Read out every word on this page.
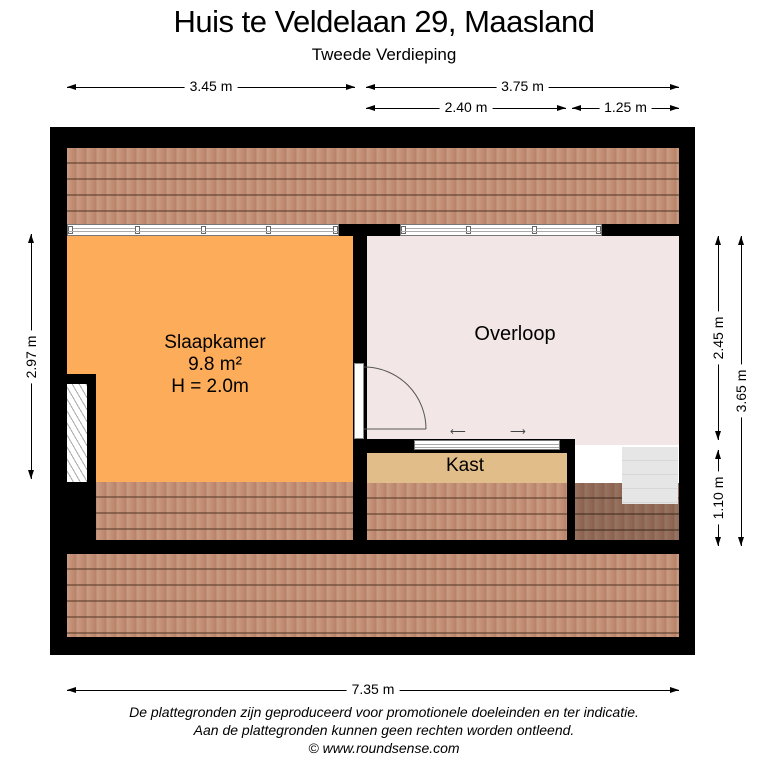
Huis te Veldelaan 29, Maasland
Tweede Verdieping
3.45 m	3.75 m
2.40 m	1.25 m
2.97 m	2.45 m
1.10 m
3.65 m
⟵	⟶
Slaapkamer
9.8 m²
H = 2.0m
Overloop
Kast
7.35 m
De plattegronden zijn geproduceerd voor promotionele doeleinden en ter indicatie.
Aan de plattegronden kunnen geen rechten worden ontleend.
© www.roundsense.com
